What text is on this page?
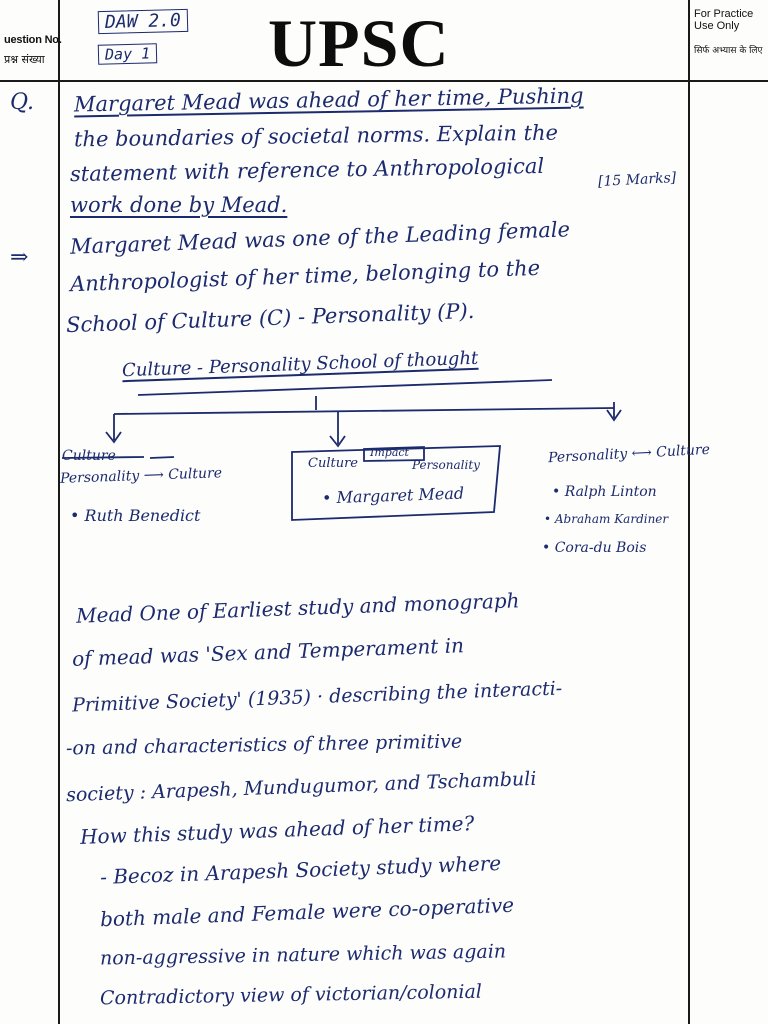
uestion No.
प्रश्न संख्या	UPSC	For Practice Use Only
सिर्फ अभ्यास के लिए
DAW 2.0
Day 1
Q. Margaret Mead was ahead of her time, Pushing
the boundaries of societal norms. Explain the
statement with reference to Anthropological	[15 Marks]
work done by Mead.
⇒ Margaret Mead was one of the Leading female
Anthropologist of her time, belonging to the
School of Culture (C) - Personality (P).
Culture - Personality School of thought
Culture
Personality ⟶ Culture
• Ruth Benedict
Culture
Impact
Personality
• Margaret Mead
Personality ⟷ Culture
• Ralph Linton
• Abraham Kardiner
• Cora-du Bois
Mead One of Earliest study and monograph
of mead was 'Sex and Temperament in
Primitive Society' (1935) · describing the interacti-
-on and characteristics of three primitive
society : Arapesh, Mundugumor, and Tschambuli
How this study was ahead of her time?
- Becoz in Arapesh Society study where
both male and Female were co-operative
non-aggressive in nature which was again
Contradictory view of victorian/colonial
